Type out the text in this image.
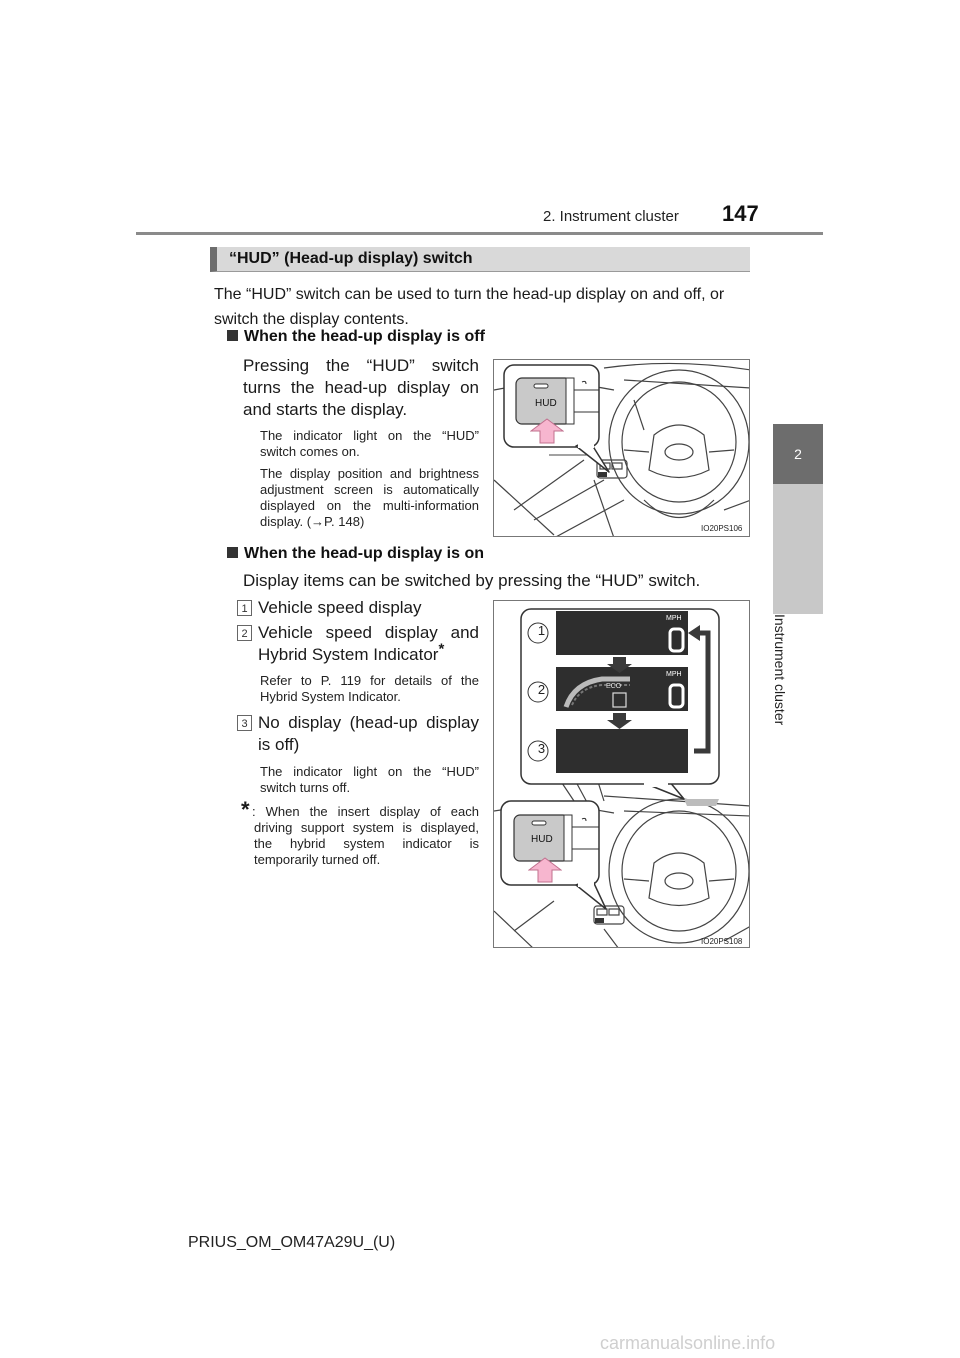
2. Instrument cluster 147
2
Instrument cluster
“HUD” (Head-up display) switch
The “HUD” switch can be used to turn the head-up display on and off, or switch the display contents.
When the head-up display is off
Pressing the “HUD” switch turns the head-up display on and starts the display.
The indicator light on the “HUD” switch comes on.
The display position and brightness adjustment screen is automatically displayed on the multi-information display. (→P. 148)
HUD
IO20PS106
When the head-up display is on
Display items can be switched by pressing the “HUD” switch.
1 Vehicle speed display
2 Vehicle speed display and Hybrid System Indicator*
Refer to P. 119 for details of the Hybrid System Indicator.
3 No display (head-up display is off)
The indicator light on the “HUD” switch turns off.
* : When the insert display of each driving support system is displayed, the hybrid system indicator is temporarily turned off.
1
2
3
MPH
MPH
ECO
HUD
IO20PS108
PRIUS_OM_OM47A29U_(U)
carmanualsonline.info
